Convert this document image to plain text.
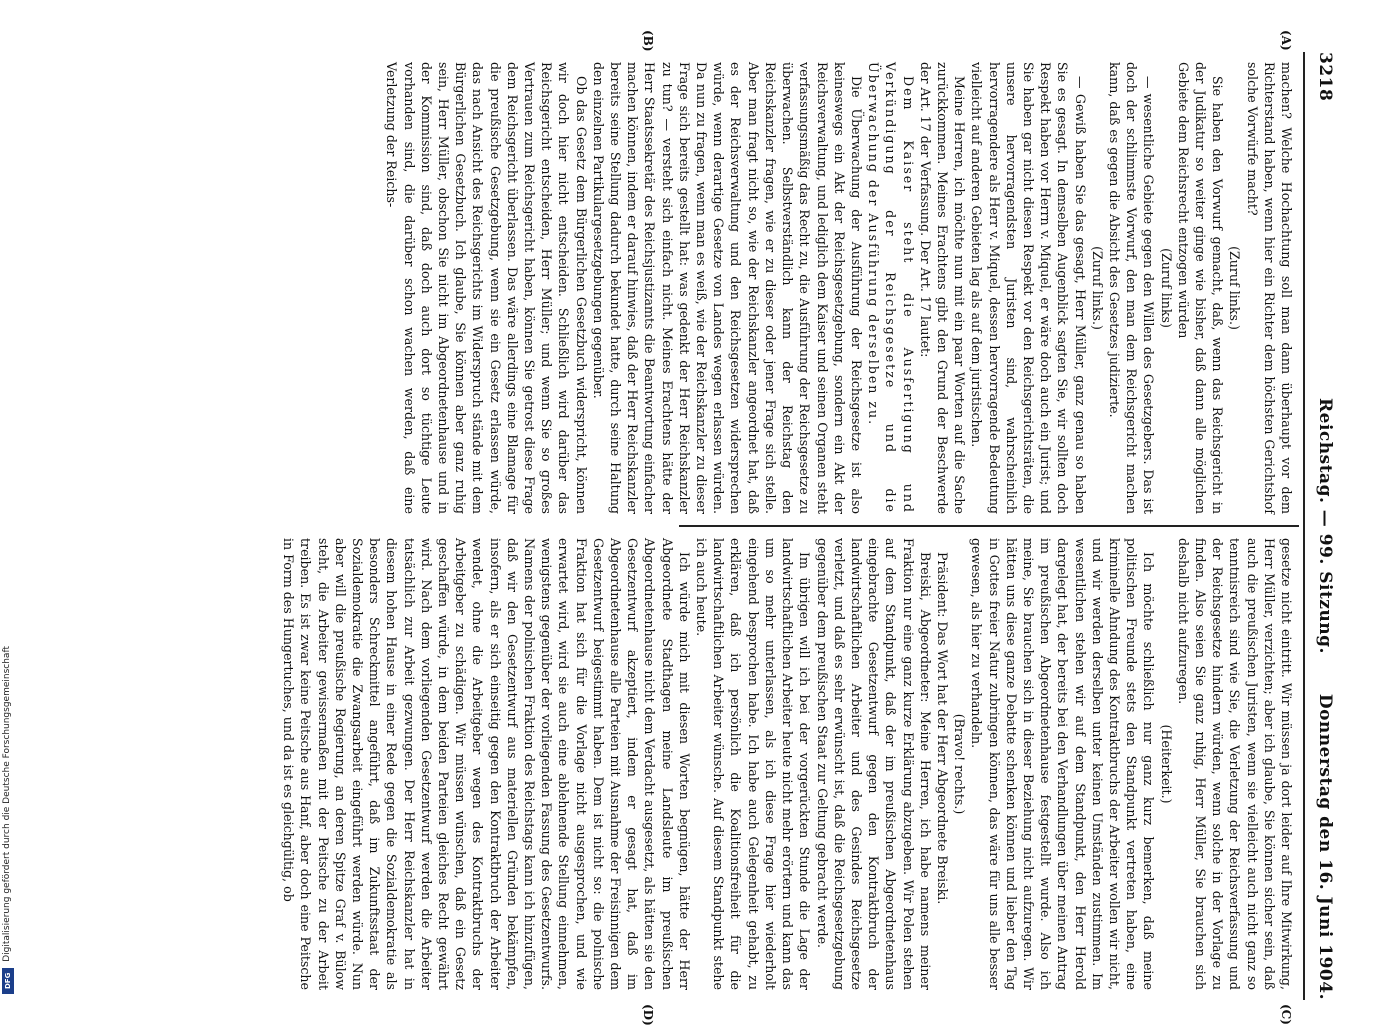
3218
Reichstag. — 99. Sitzung.
Donnerstag den 16. Juni 1904.
(A)
(B)
(C)
(D)

machen? Welche Hochachtung soll man dann überhaupt vor dem Richterstand haben, wenn hier ein Richter dem höchsten Gerichtshof solche Vorwürfe macht?

(Zuruf links.)

Sie haben den Vorwurf gemacht, daß, wenn das Reichsgericht in der Judikatur so weiter ginge wie bisher, daß dann alle möglichen Gebiete dem Reichsrecht entzogen würden

(Zuruf links)

— wesentliche Gebiete gegen den Willen des Gesetzgebers. Das ist doch der schlimmste Vorwurf, den man dem Reichsgericht machen kann, daß es gegen die Absicht des Gesetzes judizierte.

(Zuruf links.)

— Gewiß haben Sie das gesagt, Herr Müller, ganz genau so haben Sie es gesagt. In demselben Augenblick sagten Sie, wir sollten doch Respekt haben vor Herrn v. Miquel, er wäre doch auch ein Jurist; und Sie haben gar nicht diesen Respekt vor den Reichsgerichtsräten, die unsere hervorragendsten Juristen sind, wahrscheinlich hervorragendere als Herr v. Miquel, dessen hervorragende Bedeutung vielleicht auf anderen Gebieten lag als auf dem juristischen.

Meine Herren, ich möchte nun mit ein paar Worten auf die Sache zurückkommen. Meines Erachtens gibt den Grund der Beschwerde der Art. 17 der Verfassung. Der Art. 17 lautet:

Dem Kaiser steht die Ausfertigung und Verkündigung der Reichsgesetze und die Überwachung der Ausführung derselben zu.

Die Überwachung der Ausführung der Reichsgesetze ist also keineswegs ein Akt der Reichsgesetzgebung, sondern ein Akt der Reichsverwaltung, und lediglich dem Kaiser und seinen Organen steht verfassungsmäßig das Recht zu, die Ausführung der Reichsgesetze zu überwachen. Selbstverständlich kann der Reichstag den Reichskanzler fragen, wie er zu dieser oder jener Frage sich stelle. Aber man fragt nicht so, wie der Reichskanzler angeordnet hat, daß es der Reichsverwaltung und den Reichsgesetzen widersprechen würde, wenn derartige Gesetze von Landes wegen erlassen würden. Da nun zu fragen, wenn man es weiß, wie der Reichskanzler zu dieser Frage sich bereits gestellt hat: was gedenkt der Herr Reichskanzler zu tun? — versteht sich einfach nicht. Meines Erachtens hätte der Herr Staatssekretär des Reichsjustizamts die Beantwortung einfacher machen können, indem er darauf hinwies, daß der Herr Reichskanzler bereits seine Stellung dadurch bekundet hatte, durch seine Haltung den einzelnen Partikulargesetzgebungen gegenüber.

Ob das Gesetz dem Bürgerlichen Gesetzbuch widerspricht, können wir doch hier nicht entscheiden. Schließlich wird darüber das Reichsgericht entscheiden, Herr Müller; und wenn Sie so großes Vertrauen zum Reichsgericht haben, können Sie getrost diese Frage dem Reichsgericht überlassen. Das wäre allerdings eine Blamage für die preußische Gesetzgebung, wenn sie ein Gesetz erlassen würde, das nach Ansicht des Reichsgerichts im Widerspruch stände mit dem Bürgerlichen Gesetzbuch. Ich glaube, Sie können aber ganz ruhig sein, Herr Müller, obschon Sie nicht im Abgeordnetenhause und in der Kommission sind, daß doch auch dort so tüchtige Leute vorhanden sind, die darüber schon wachen werden, daß eine Verletzung der Reichs-

gesetze nicht eintritt. Wir müssen ja dort leider auf Ihre Mitwirkung, Herr Müller, verzichten; aber ich glaube, Sie können sicher sein, daß auch die preußischen Juristen, wenn sie vielleicht auch nicht ganz so tenntnisreich sind wie Sie, die Verletzung der Reichsverfassung und der Reichsgesetze hindern würden, wenn solche in der Vorlage zu finden. Also seien Sie ganz ruhig, Herr Müller, Sie brauchen sich deshalb nicht aufzuregen.

(Heiterkeit.)

Ich möchte schließlich nur ganz kurz bemerken, daß meine politischen Freunde stets den Standpunkt vertreten haben, eine kriminelle Ahndung des Kontraktbruchs der Arbeiter wollen wir nicht, und wir werden derselben unter keinen Umständen zustimmen. Im wesentlichen stehen wir auf dem Standpunkt, den Herr Herold dargelegt hat, der bereits bei den Verhandlungen über meinen Antrag im preußischen Abgeordnetenhause festgestellt wurde. Also ich meine, Sie brauchen sich in dieser Beziehung nicht aufzuregen. Wir hätten uns diese ganze Debatte schenken können und lieber den Tag in Gottes freier Natur zubringen können, das wäre für uns alle besser gewesen, als hier zu verhandeln.

(Bravo! rechts.)

Präsident: Das Wort hat der Herr Abgeordnete Breiski.

Breiski, Abgeordneter: Meine Herren, ich habe namens meiner Fraktion nur eine ganz kurze Erklärung abzugeben. Wir Polen stehen auf dem Standpunkt, daß der im preußischen Abgeordnetenhaus eingebrachte Gesetzentwurf gegen den Kontraktbruch der landwirtschaftlichen Arbeiter und des Gesindes Reichsgesetze verletzt, und daß es sehr erwünscht ist, daß die Reichsgesetzgebung gegenüber dem preußischen Staat zur Geltung gebracht werde.

Im übrigen will ich bei der vorgerückten Stunde die Lage der landwirtschaftlichen Arbeiter heute nicht mehr erörtern und kann das um so mehr unterlassen, als ich diese Frage hier wiederholt eingehend besprochen habe. Ich habe auch Gelegenheit gehabt, zu erklären, daß ich persönlich die Koalitionsfreiheit für die landwirtschaftlichen Arbeiter wünsche. Auf diesem Standpunkt stehe ich auch heute.

Ich würde mich mit diesen Worten begnügen, hätte der Herr Abgeordnete Stadthagen meine Landsleute im preußischen Abgeordnetenhause nicht dem Verdacht ausgesetzt, als hätten sie den Gesetzentwurf akzeptiert, indem er gesagt hat, daß im Abgeordnetenhause alle Parteien mit Ausnahme der Freisinnigen dem Gesetzentwurf beigestimmt haben. Dem ist nicht so: die polnische Fraktion hat sich für die Vorlage nicht ausgesprochen, und wie erwartet wird, wird sie auch eine ablehnende Stellung einnehmen, wenigstens gegenüber der vorliegenden Fassung des Gesetzentwurfs. Namens der polnischen Fraktion des Reichstags kann ich hinzufügen, daß wir den Gesetzentwurf aus materiellen Gründen bekämpfen, insofern, als er sich einseitig gegen den Kontraktbruch der Arbeiter wendet, ohne die Arbeitgeber wegen des Kontraktbruchs der Arbeitgeber zu schädigen. Wir müssen wünschen, daß ein Gesetz geschaffen würde, in dem beiden Parteien gleiches Recht gewährt wird. Nach dem vorliegenden Gesetzentwurf werden die Arbeiter tatsächlich zur Arbeit gezwungen. Der Herr Reichskanzler hat in diesem hohen Hause in einer Rede gegen die Sozialdemokratie als besonders Schreckmittel angeführt, daß im Zukunftsstaat der Sozialdemokratie die Zwangsarbeit eingeführt werden würde. Nun aber will die preußische Regierung, an deren Spitze Graf v. Bülow steht, die Arbeiter gewissermaßen mit der Peitsche zu der Arbeit treiben. Es ist zwar keine Peitsche aus Hanf, aber doch eine Peitsche in Form des Hungertuches, und da ist es gleichgültig, ob

DFG
Digitalisierung gefördert durch die Deutsche Forschungsgemeinschaft
